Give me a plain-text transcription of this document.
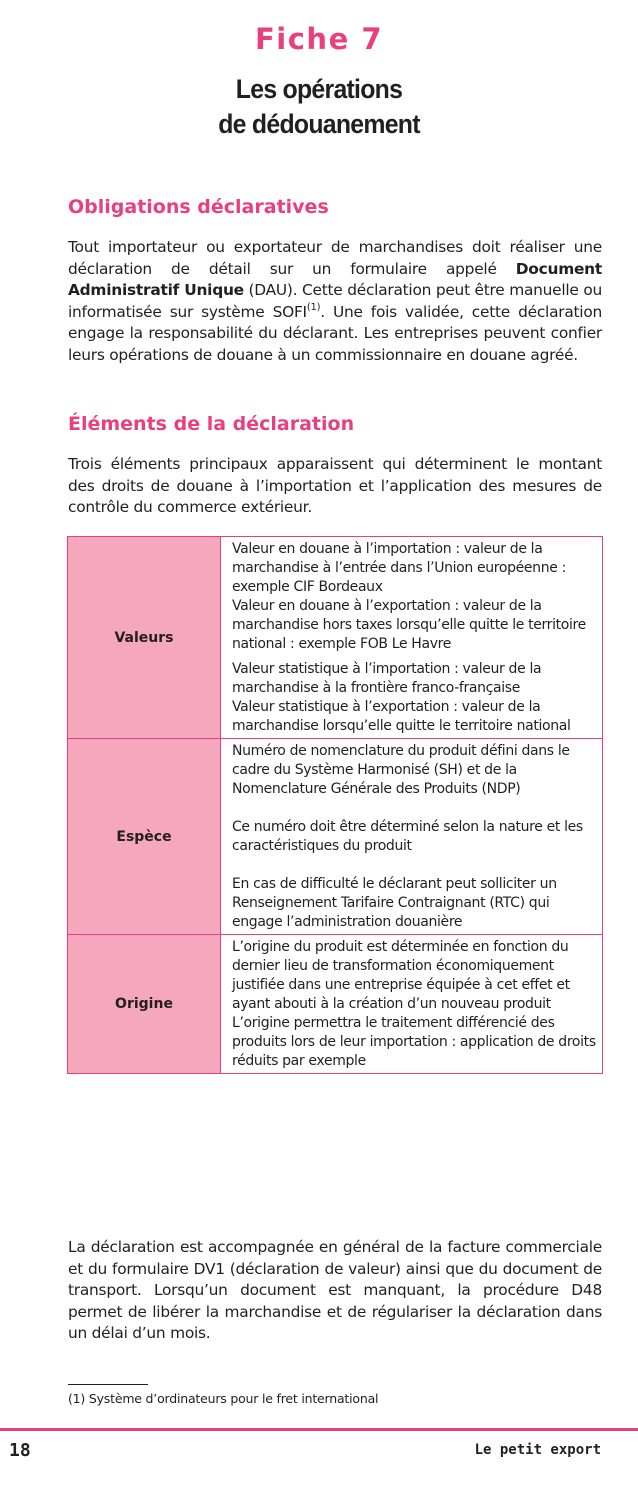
Fiche 7
Les opérations
de dédouanement
Obligations déclaratives

Tout importateur ou exportateur de marchandises doit réaliser une déclaration de détail sur un formulaire appelé Document Administratif Unique (DAU). Cette déclaration peut être manuelle ou informatisée sur système SOFI$^{(1)}$. Une fois validée, cette déclaration engage la responsabilité du déclarant. Les entreprises peuvent confier leurs opérations de douane à un commissionnaire en douane agréé.

Éléments de la déclaration

Trois éléments principaux apparaissent qui déterminent le montant des droits de douane à l’importation et l’application des mesures de contrôle du commerce extérieur.

Valeurs	Valeur en douane à l’importation : valeur de la marchandise à l’entrée dans l’Union européenne : exemple CIF Bordeaux

Valeur en douane à l’exportation : valeur de la marchandise hors taxes lorsqu’elle quitte le territoire national : exemple FOB Le Havre

Valeur statistique à l’importation : valeur de la marchandise à la frontière franco-française

Valeur statistique à l’exportation : valeur de la marchandise lorsqu’elle quitte le territoire national

Espèce	Numéro de nomenclature du produit défini dans le cadre du Système Harmonisé (SH) et de la Nomenclature Générale des Produits (NDP)

Ce numéro doit être déterminé selon la nature et les caractéristiques du produit

En cas de difficulté le déclarant peut solliciter un Renseignement Tarifaire Contraignant (RTC) qui engage l’administration douanière

Origine	L’origine du produit est déterminée en fonction du dernier lieu de transformation économiquement justifiée dans une entreprise équipée à cet effet et ayant abouti à la création d’un nouveau produit

L’origine permettra le traitement différencié des produits lors de leur importation : application de droits réduits par exemple

La déclaration est accompagnée en général de la facture commerciale et du formulaire DV1 (déclaration de valeur) ainsi que du document de transport. Lorsqu’un document est manquant, la procédure D48 permet de libérer la marchandise et de régulariser la déclaration dans un délai d’un mois.

(1) Système d’ordinateurs pour le fret international
18	Le petit export
